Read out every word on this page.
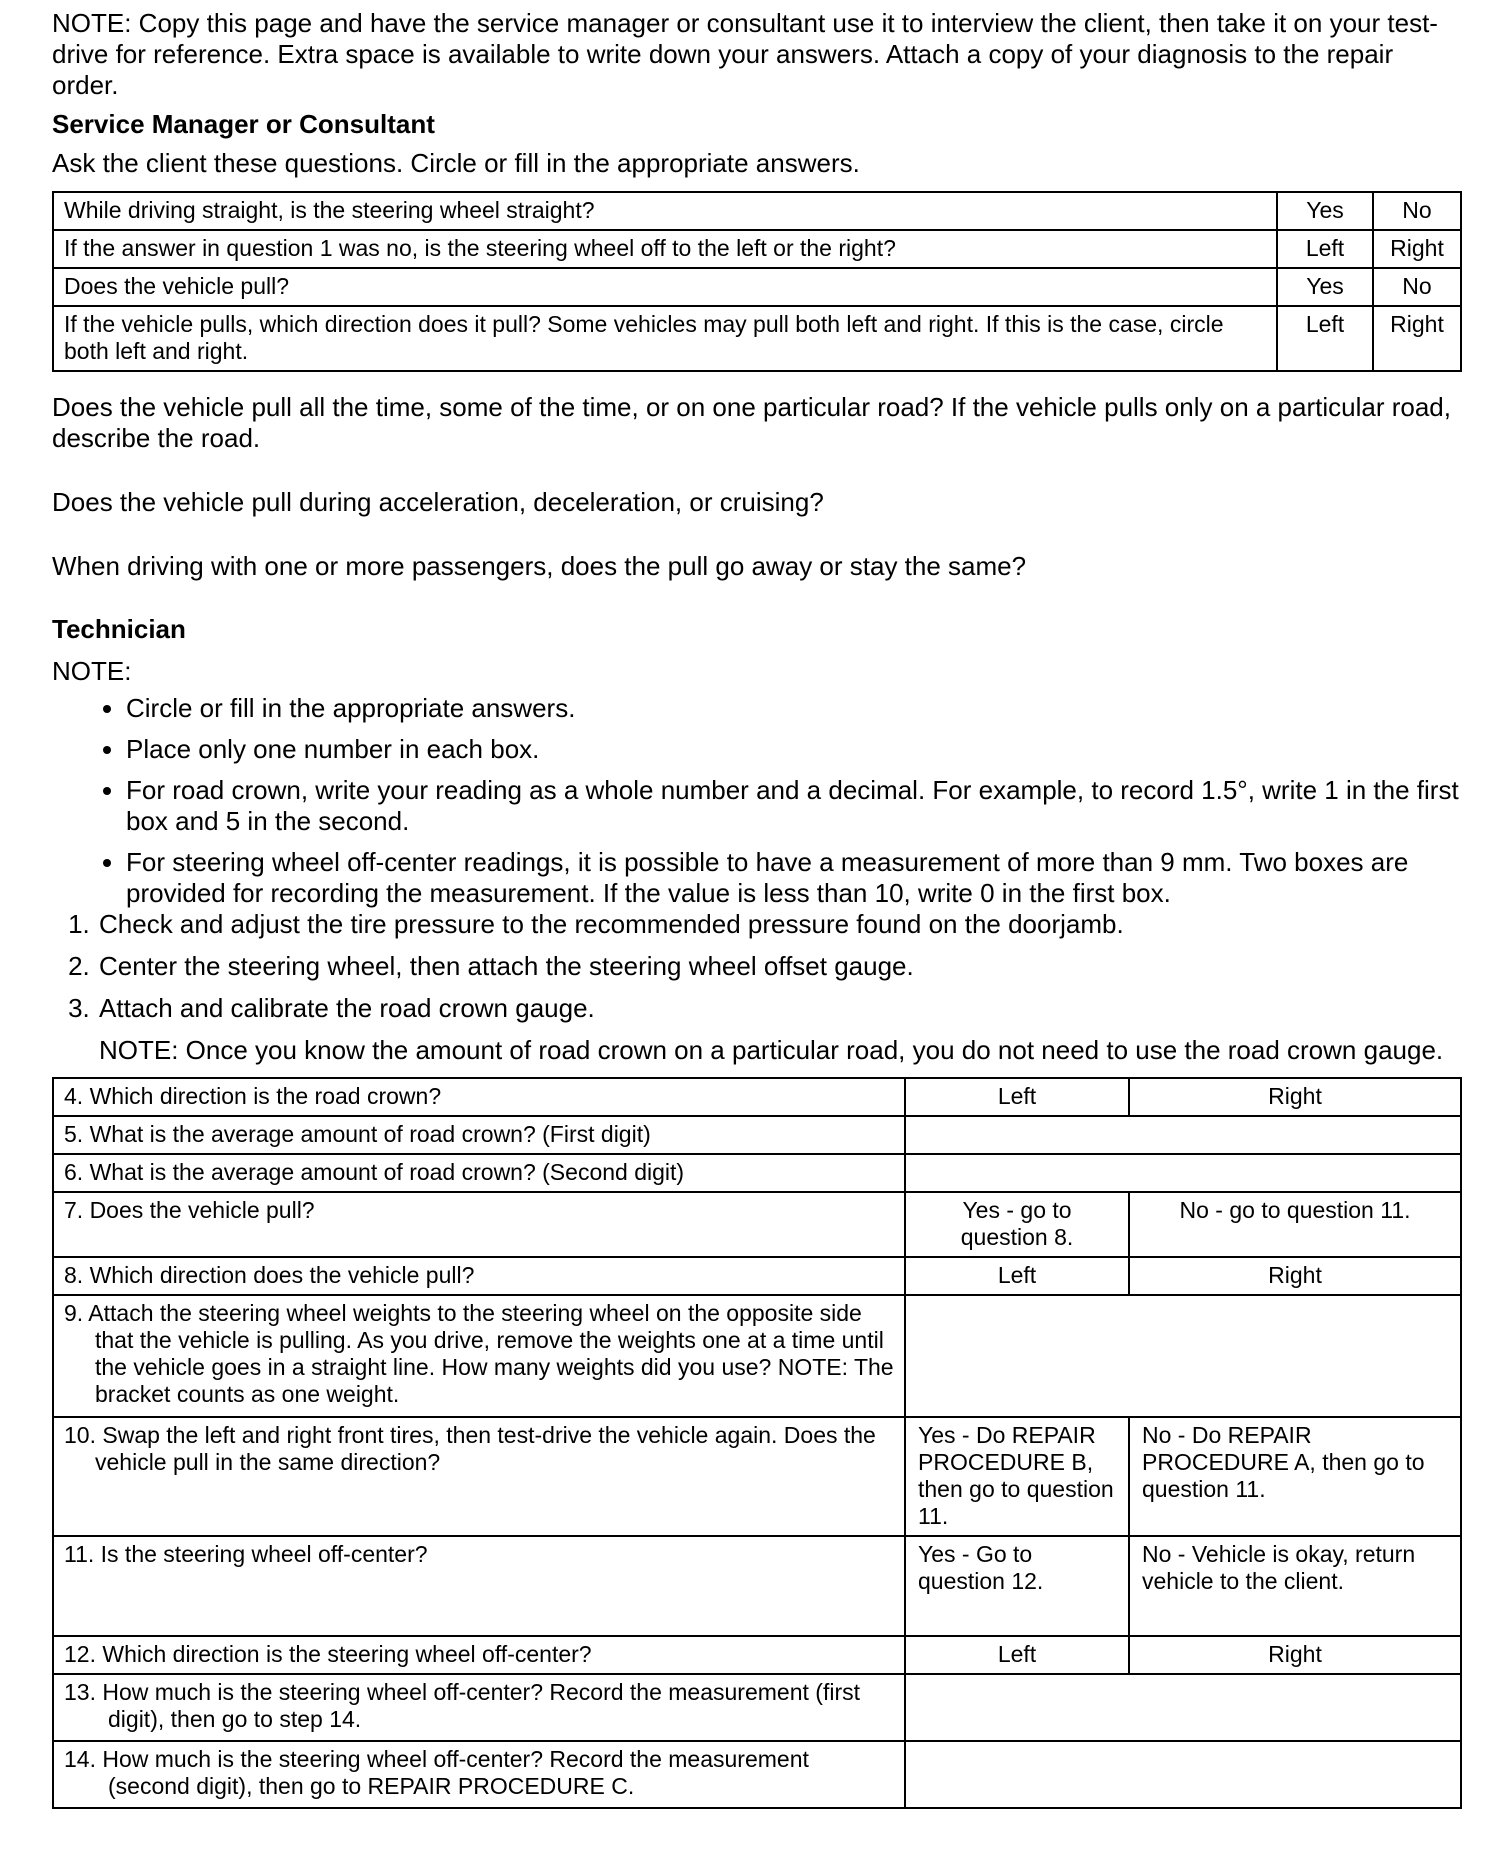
NOTE: Copy this page and have the service manager or consultant use it to interview the client, then take it on your test-drive for reference. Extra space is available to write down your answers. Attach a copy of your diagnosis to the repair order.

Service Manager or Consultant

Ask the client these questions. Circle or fill in the appropriate answers.

While driving straight, is the steering wheel straight?	Yes	No
If the answer in question 1 was no, is the steering wheel off to the left or the right?	Left	Right
Does the vehicle pull?	Yes	No
If the vehicle pulls, which direction does it pull? Some vehicles may pull both left and right. If this is the case, circle both left and right.	Left	Right

Does the vehicle pull all the time, some of the time, or on one particular road? If the vehicle pulls only on a particular road, describe the road.

Does the vehicle pull during acceleration, deceleration, or cruising?

When driving with one or more passengers, does the pull go away or stay the same?

Technician

NOTE:

• Circle or fill in the appropriate answers.
• Place only one number in each box.
• For road crown, write your reading as a whole number and a decimal. For example, to record 1.5°, write 1 in the first box and 5 in the second.
• For steering wheel off-center readings, it is possible to have a measurement of more than 9 mm. Two boxes are provided for recording the measurement. If the value is less than 10, write 0 in the first box.
1. Check and adjust the tire pressure to the recommended pressure found on the doorjamb.
2. Center the steering wheel, then attach the steering wheel offset gauge.
3. Attach and calibrate the road crown gauge.
NOTE: Once you know the amount of road crown on a particular road, you do not need to use the road crown gauge.
4. Which direction is the road crown?	Left	Right

5. What is the average amount of road crown? (First digit)		

6. What is the average amount of road crown? (Second digit)		

7. Does the vehicle pull?	Yes - go to question 8.	No - go to question 11.

8. Which direction does the vehicle pull?	Left	Right

9. Attach the steering wheel weights to the steering wheel on the opposite side that the vehicle is pulling. As you drive, remove the weights one at a time until the vehicle goes in a straight line. How many weights did you use? NOTE: The bracket counts as one weight.		

10. Swap the left and right front tires, then test-drive the vehicle again. Does the vehicle pull in the same direction?	Yes - Do REPAIR PROCEDURE B, then go to question 11.	No - Do REPAIR PROCEDURE A, then go to question 11.

11. Is the steering wheel off-center?	Yes - Go to question 12.	No - Vehicle is okay, return vehicle to the client.

12. Which direction is the steering wheel off-center?	Left	Right

13. How much is the steering wheel off-center? Record the measurement (first digit), then go to step 14.		

14. How much is the steering wheel off-center? Record the measurement (second digit), then go to REPAIR PROCEDURE C.		
